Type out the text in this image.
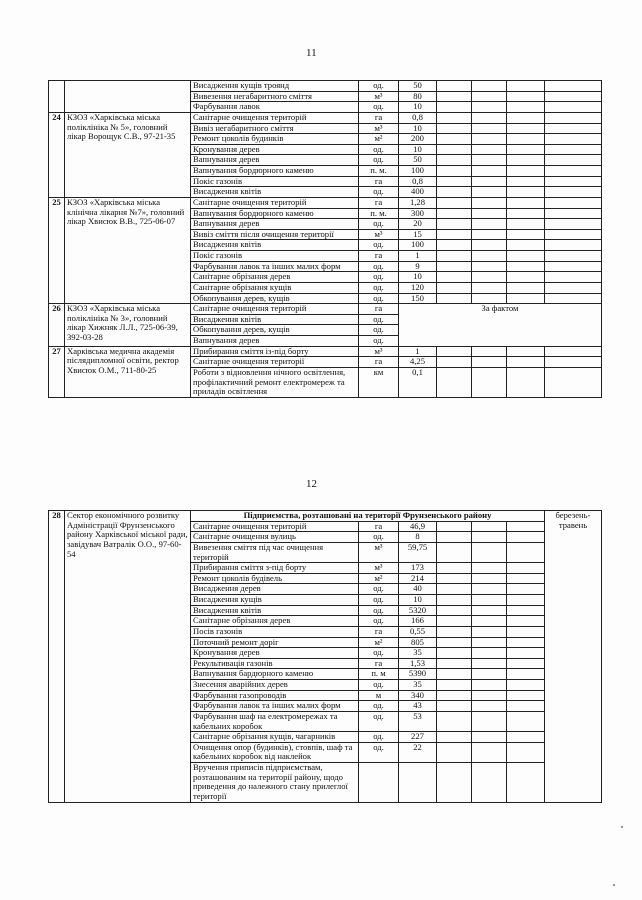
11
		Висадження кущів троянд	од.	50					
		Вивезення негабаритного сміття	м³	80					
		Фарбування лавок	од.	10					
24	КЗОЗ «Харківська міська поліклініка № 5», головний лікар Ворощук С.В., 97-21-35	Санітарне очищення територій	га	0,8					
		Вивіз негабаритного сміття	м³	10					
		Ремонт цоколів будинків	м²	200					
		Кронування дерев	од.	10					
		Вапнування дерев	од.	50					
		Вапнування бордюрного каменю	п. м.	100					
		Покіс газонів	га	0,8					
		Висадження квітів	од.	400					
25	КЗОЗ «Харківська міська клінічна лікарня №7», головний лікар Хвисюк В.В., 725-06-07	Санітарне очищення територій	га	1,28					
		Вапнування бордюрного каменю	п. м.	300					
		Вапнування дерев	од.	20					
		Вивіз сміття після очищення території	м³	15					
		Висадження квітів	од.	100					
		Покіс газонів	га	1					
		Фарбування лавок та інших малих форм	од.	9					
		Санітарне обрізання дерев	од.	10					
		Санітарне обрізання кущів	од.	120					
		Обкопування дерев, кущів	од.	150					
26	КЗОЗ «Харківська міська поліклініка № 3», головний лікар Хижняк Л.Л., 725-06-39, 392-03-28	Санітарне очищення територій	га	За фактом	
		Висадження квітів	од.						
		Обкопування дерев, кущів	од.						
		Вапнування дерев	од.						
27	Харківська медична академія післядипломної освіти, ректор Хвисюк О.М., 711-80-25	Прибирання сміття із-під борту	м³	1					
		Санітарне очищення території	га	4,25					
		Роботи з відновлення нічного освітлення, профілактичний ремонт електромереж та приладів освітлення	км	0,1					
12
28	Сектор економічного розвитку Адміністрації Фрунзенського району Харківської міської ради, завідувач Ватралік О.О., 97-60-54	Підприємства, розташовані на території Фрунзенського району						березень- травень	
		Санітарне очищення територій	га	46,9					
		Санітарне очищення вулиць	од.	8					
		Вивезення сміття під час очищення територій	м³	59,75					
		Прибирання сміття з-під борту	м³	173					
		Ремонт цоколів будівель	м²	214					
		Висадження дерев	од.	40					
		Висадження кущів	од.	10					
		Висадження квітів	од.	5320					
		Санітарне обрізання дерев	од.	166					
		Посів газонів	га	0,55					
		Поточний ремонт доріг	м²	805					
		Кронування дерев	од.	35					
		Рекультивація газонів	га	1,53					
		Вапнування бардюрного каменю	п. м	5390					
		Знесення аварійних дерев	од.	35					
		Фарбування газопроводів	м	340					
		Фарбування лавок та інших малих форм	од.	43					
		Фарбування шаф на електромережах та кабельних коробок	од.	53					
		Санітарне обрізання кущів, чагарників	од.	227					
		Очищення опор (будинків), стовпів, шаф та кабельних коробок від наклейок	од.	22					
		Вручення приписів підприємствам, розташованим на території району, щодо приведення до належного стану прилеглої території							
